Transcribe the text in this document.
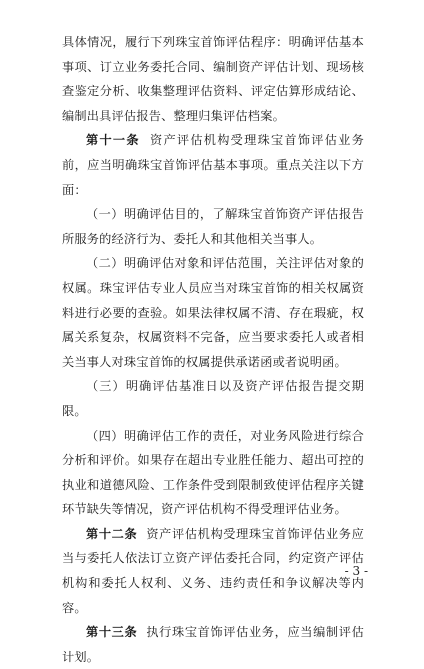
具体情况，履行下列珠宝首饰评估程序：明确评估基本事项、订立业务委托合同、编制资产评估计划、现场核查鉴定分析、收集整理评估资料、评定估算形成结论、编制出具评估报告、整理归集评估档案。

第十一条 资产评估机构受理珠宝首饰评估业务前，应当明确珠宝首饰评估基本事项。重点关注以下方面：

（一）明确评估目的，了解珠宝首饰资产评估报告所服务的经济行为、委托人和其他相关当事人。

（二）明确评估对象和评估范围，关注评估对象的权属。珠宝评估专业人员应当对珠宝首饰的相关权属资料进行必要的查验。如果法律权属不清、存在瑕疵，权属关系复杂，权属资料不完备，应当要求委托人或者相关当事人对珠宝首饰的权属提供承诺函或者说明函。

（三）明确评估基准日以及资产评估报告提交期限。

（四）明确评估工作的责任，对业务风险进行综合分析和评价。如果存在超出专业胜任能力、超出可控的执业和道德风险、工作条件受到限制致使评估程序关键环节缺失等情况，资产评估机构不得受理评估业务。

第十二条 资产评估机构受理珠宝首饰评估业务应当与委托人依法订立资产评估委托合同，约定资产评估机构和委托人权利、义务、违约责任和争议解决等内容。

第十三条 执行珠宝首饰评估业务，应当编制评估计划。

- 3 -
